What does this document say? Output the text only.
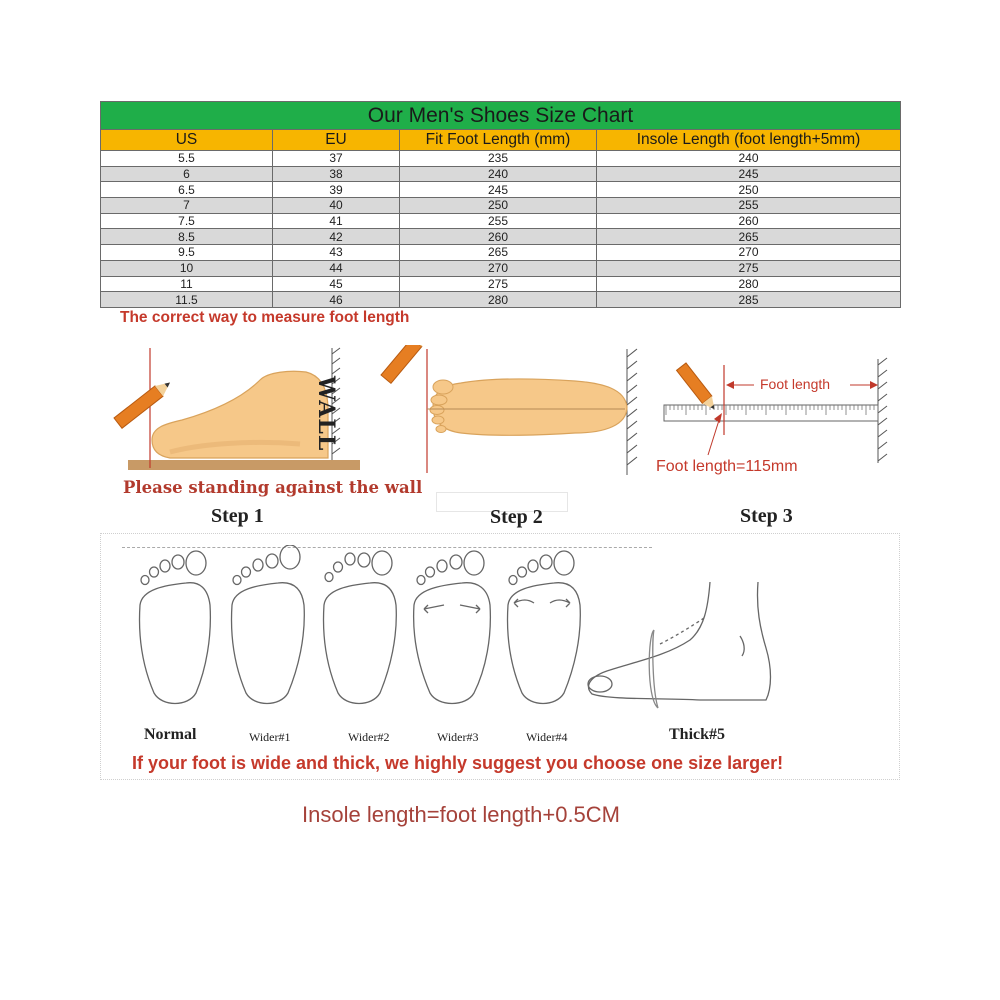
Our Men's Shoes Size Chart			
US	EU	Fit Foot Length (mm)	Insole Length (foot length+5mm)
5.5	37	235	240
6	38	240	245
6.5	39	245	250
7	40	250	255
7.5	41	255	260
8.5	42	260	265
9.5	43	265	270
10	44	270	275
11	45	275	280
11.5	46	280	285
The correct way to measure foot length
WALL
Please standing against the wall
Foot length
Foot length=115mm
Step 1	Step 2	Step 3
Normal	Wider#1	Wider#2	Wider#3	Wider#4	Thick#5
If your foot is wide and thick, we highly suggest you choose one size larger!
Insole length=foot length+0.5CM
